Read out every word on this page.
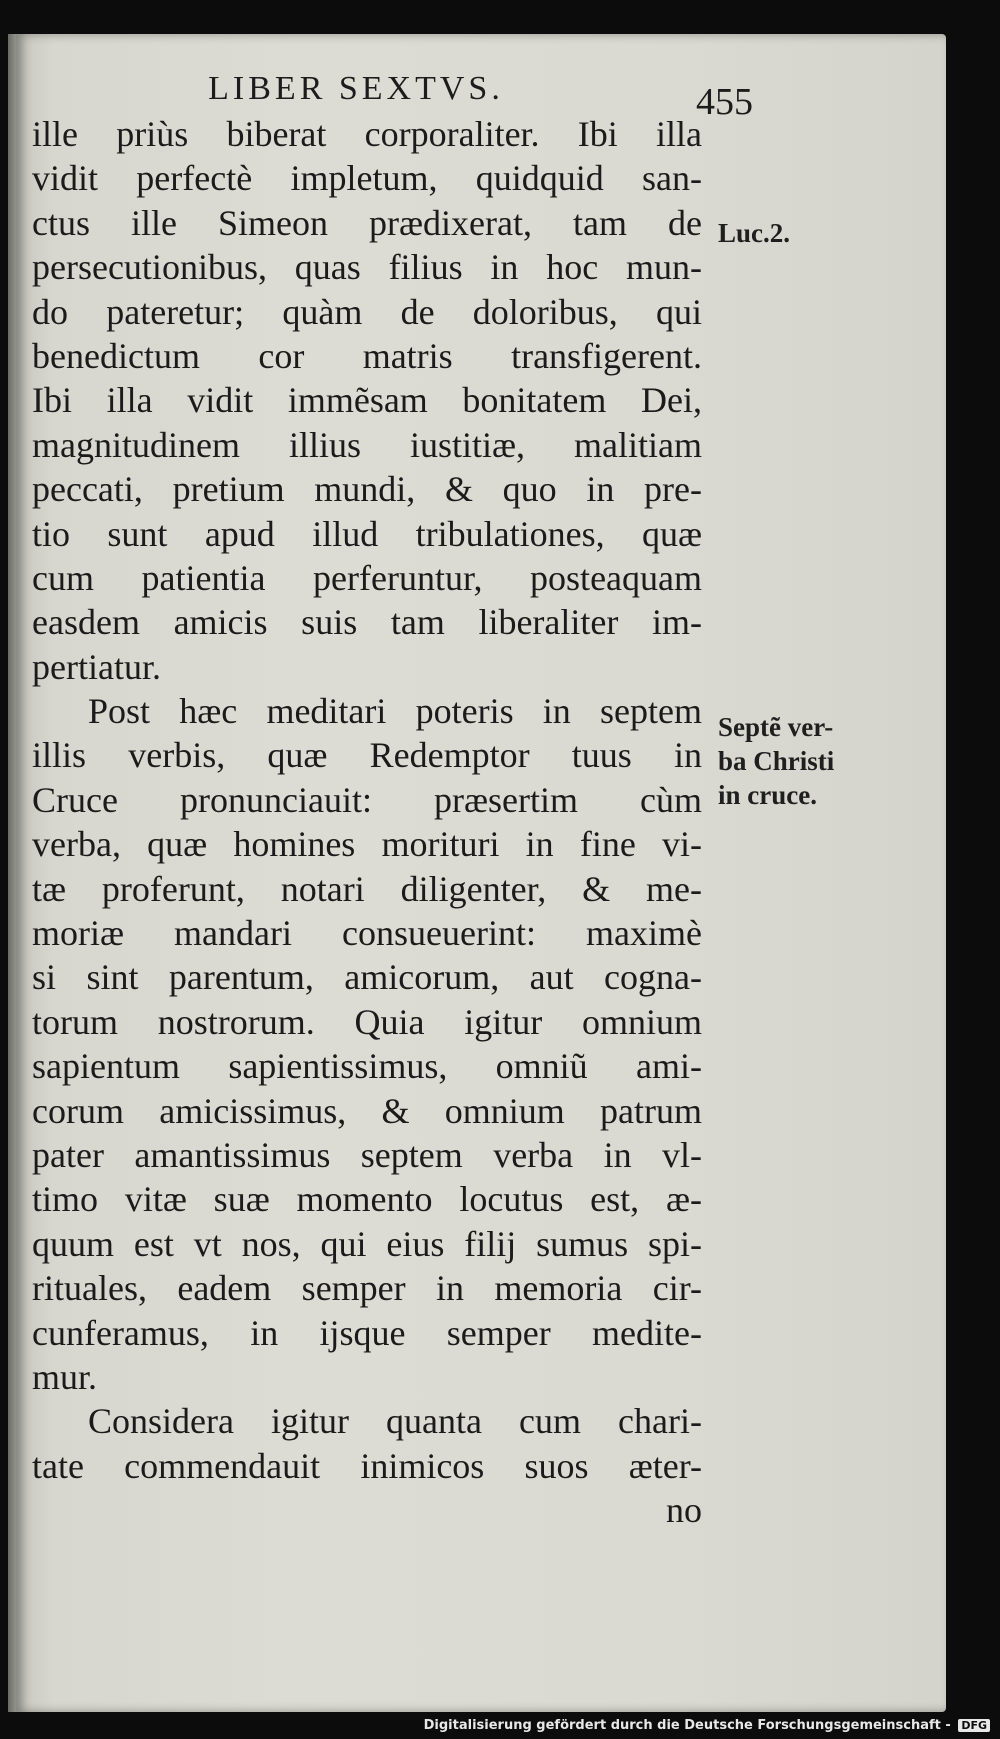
LIBER SEXTVS.	455
ille priùs biberat corporaliter. Ibi illa
vidit perfectè impletum, quidquid san-
ctus ille Simeon prædixerat, tam de
persecutionibus, quas filius in hoc mun-
do pateretur; quàm de doloribus, qui
benedictum cor matris transfigerent.
Ibi illa vidit immẽsam bonitatem Dei,
magnitudinem illius iustitiæ, malitiam
peccati, pretium mundi, & quo in pre-
tio sunt apud illud tribulationes, quæ
cum patientia perferuntur, posteaquam
easdem amicis suis tam liberaliter im-
pertiatur.
Post hæc meditari poteris in septem
illis verbis, quæ Redemptor tuus in
Cruce pronunciauit: præsertim cùm
verba, quæ homines morituri in fine vi-
tæ proferunt, notari diligenter, & me-
moriæ mandari consueuerint: maximè
si sint parentum, amicorum, aut cogna-
torum nostrorum. Quia igitur omnium
sapientum sapientissimus, omniũ ami-
corum amicissimus, & omnium patrum
pater amantissimus septem verba in vl-
timo vitæ suæ momento locutus est, æ-
quum est vt nos, qui eius filij sumus spi-
rituales, eadem semper in memoria cir-
cunferamus, in ijsque semper medite-
mur.
Considera igitur quanta cum chari-
tate commendauit inimicos suos æter-
no
Luc.2.
Septẽ ver-
ba Christi
in cruce.
Digitalisierung gefördert durch die Deutsche Forschungsgemeinschaft - DFG
